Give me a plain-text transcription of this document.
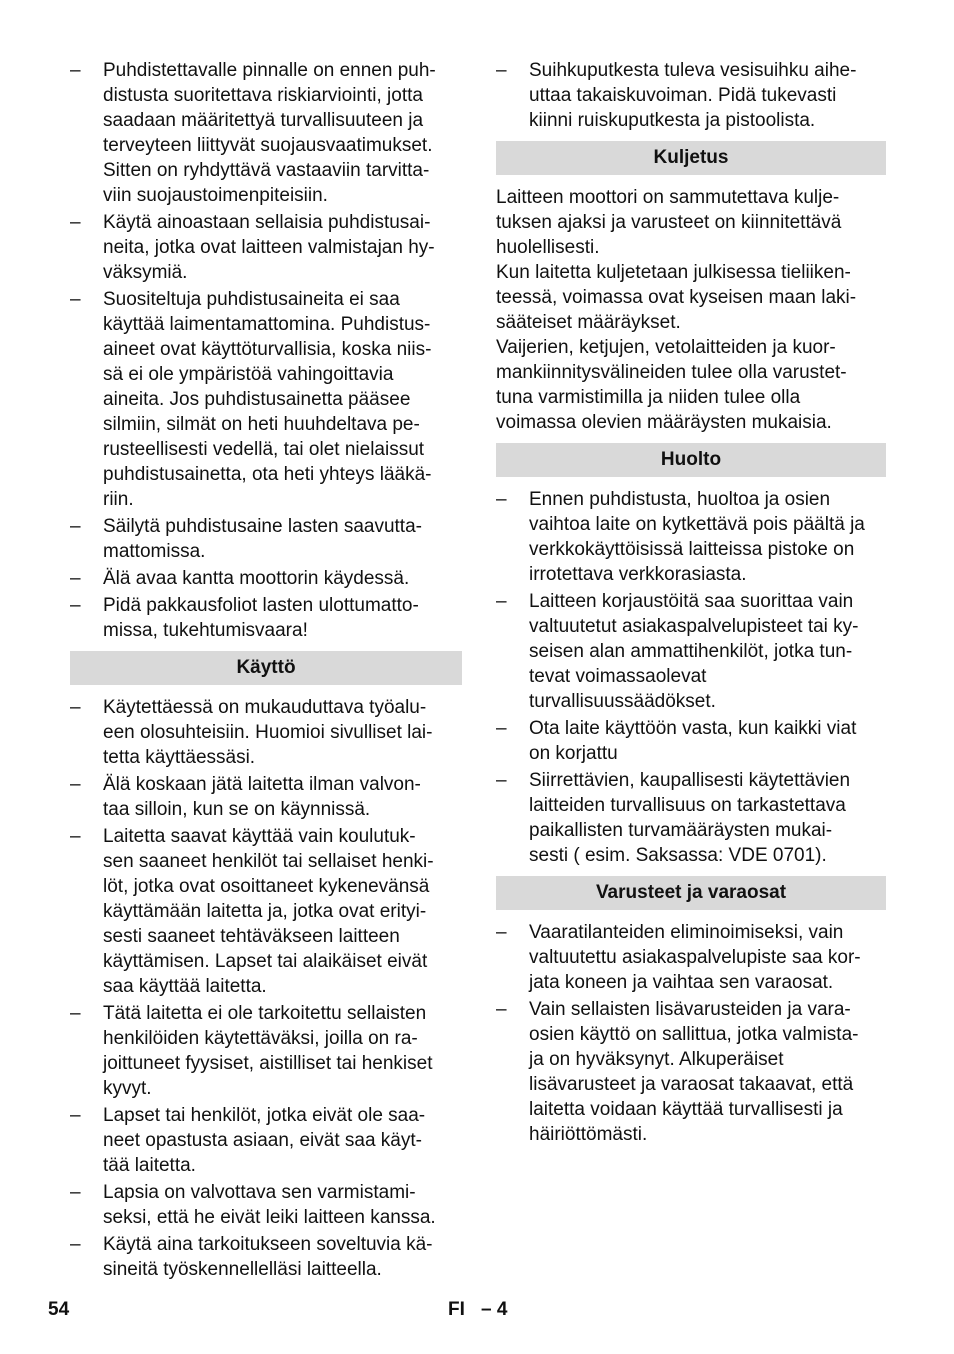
–	Puhdistettavalle pinnalle on ennen puh-
distusta suoritettava riskiarviointi, jotta
saadaan määritettyä turvallisuuteen ja
terveyteen liittyvät suojausvaatimukset.
Sitten on ryhdyttävä vastaaviin tarvitta-
viin suojaustoimenpiteisiin.
–	Käytä ainoastaan sellaisia puhdistusai-
neita, jotka ovat laitteen valmistajan hy-
väksymiä.
–	Suositeltuja puhdistusaineita ei saa
käyttää laimentamattomina. Puhdistus-
aineet ovat käyttöturvallisia, koska niis-
sä ei ole ympäristöä vahingoittavia
aineita. Jos puhdistusainetta pääsee
silmiin, silmät on heti huuhdeltava pe-
rusteellisesti vedellä, tai olet nielaissut
puhdistusainetta, ota heti yhteys lääkä-
riin.
–	Säilytä puhdistusaine lasten saavutta-
mattomissa.
–	Älä avaa kantta moottorin käydessä.
–	Pidä pakkausfoliot lasten ulottumatto-
missa, tukehtumisvaara!
Käyttö
–	Käytettäessä on mukauduttava työalu-
een olosuhteisiin. Huomioi sivulliset lai-
tetta käyttäessäsi.
–	Älä koskaan jätä laitetta ilman valvon-
taa silloin, kun se on käynnissä.
–	Laitetta saavat käyttää vain koulutuk-
sen saaneet henkilöt tai sellaiset henki-
löt, jotka ovat osoittaneet kykenevänsä
käyttämään laitetta ja, jotka ovat erityi-
sesti saaneet tehtäväkseen laitteen
käyttämisen. Lapset tai alaikäiset eivät
saa käyttää laitetta.
–	Tätä laitetta ei ole tarkoitettu sellaisten
henkilöiden käytettäväksi, joilla on ra-
joittuneet fyysiset, aistilliset tai henkiset
kyvyt.
–	Lapset tai henkilöt, jotka eivät ole saa-
neet opastusta asiaan, eivät saa käyt-
tää laitetta.
–	Lapsia on valvottava sen varmistami-
seksi, että he eivät leiki laitteen kanssa.
–	Käytä aina tarkoitukseen soveltuvia kä-
sineitä työskennellelläsi laitteella.
–	Suihkuputkesta tuleva vesisuihku aihe-
uttaa takaiskuvoiman. Pidä tukevasti
kiinni ruiskuputkesta ja pistoolista.
Kuljetus
Laitteen moottori on sammutettava kulje-
tuksen ajaksi ja varusteet on kiinnitettävä
huolellisesti.
Kun laitetta kuljetetaan julkisessa tieliiken-
teessä, voimassa ovat kyseisen maan laki-
sääteiset määräykset.
Vaijerien, ketjujen, vetolaitteiden ja kuor-
mankiinnitysvälineiden tulee olla varustet-
tuna varmistimilla ja niiden tulee olla
voimassa olevien määräysten mukaisia.
Huolto
–	Ennen puhdistusta, huoltoa ja osien
vaihtoa laite on kytkettävä pois päältä ja
verkkokäyttöisissä laitteissa pistoke on
irrotettava verkkorasiasta.
–	Laitteen korjaustöitä saa suorittaa vain
valtuutetut asiakaspalvelupisteet tai ky-
seisen alan ammattihenkilöt, jotka tun-
tevat voimassaolevat
turvallisuussäädökset.
–	Ota laite käyttöön vasta, kun kaikki viat
on korjattu
–	Siirrettävien, kaupallisesti käytettävien
laitteiden turvallisuus on tarkastettava
paikallisten turvamääräysten mukai-
sesti ( esim. Saksassa: VDE 0701).
Varusteet ja varaosat
–	Vaaratilanteiden eliminoimiseksi, vain
valtuutettu asiakaspalvelupiste saa kor-
jata koneen ja vaihtaa sen varaosat.
–	Vain sellaisten lisävarusteiden ja vara-
osien käyttö on sallittua, jotka valmista-
ja on hyväksynyt. Alkuperäiset
lisävarusteet ja varaosat takaavat, että
laitetta voidaan käyttää turvallisesti ja
häiriöttömästi.
54	FI – 4
